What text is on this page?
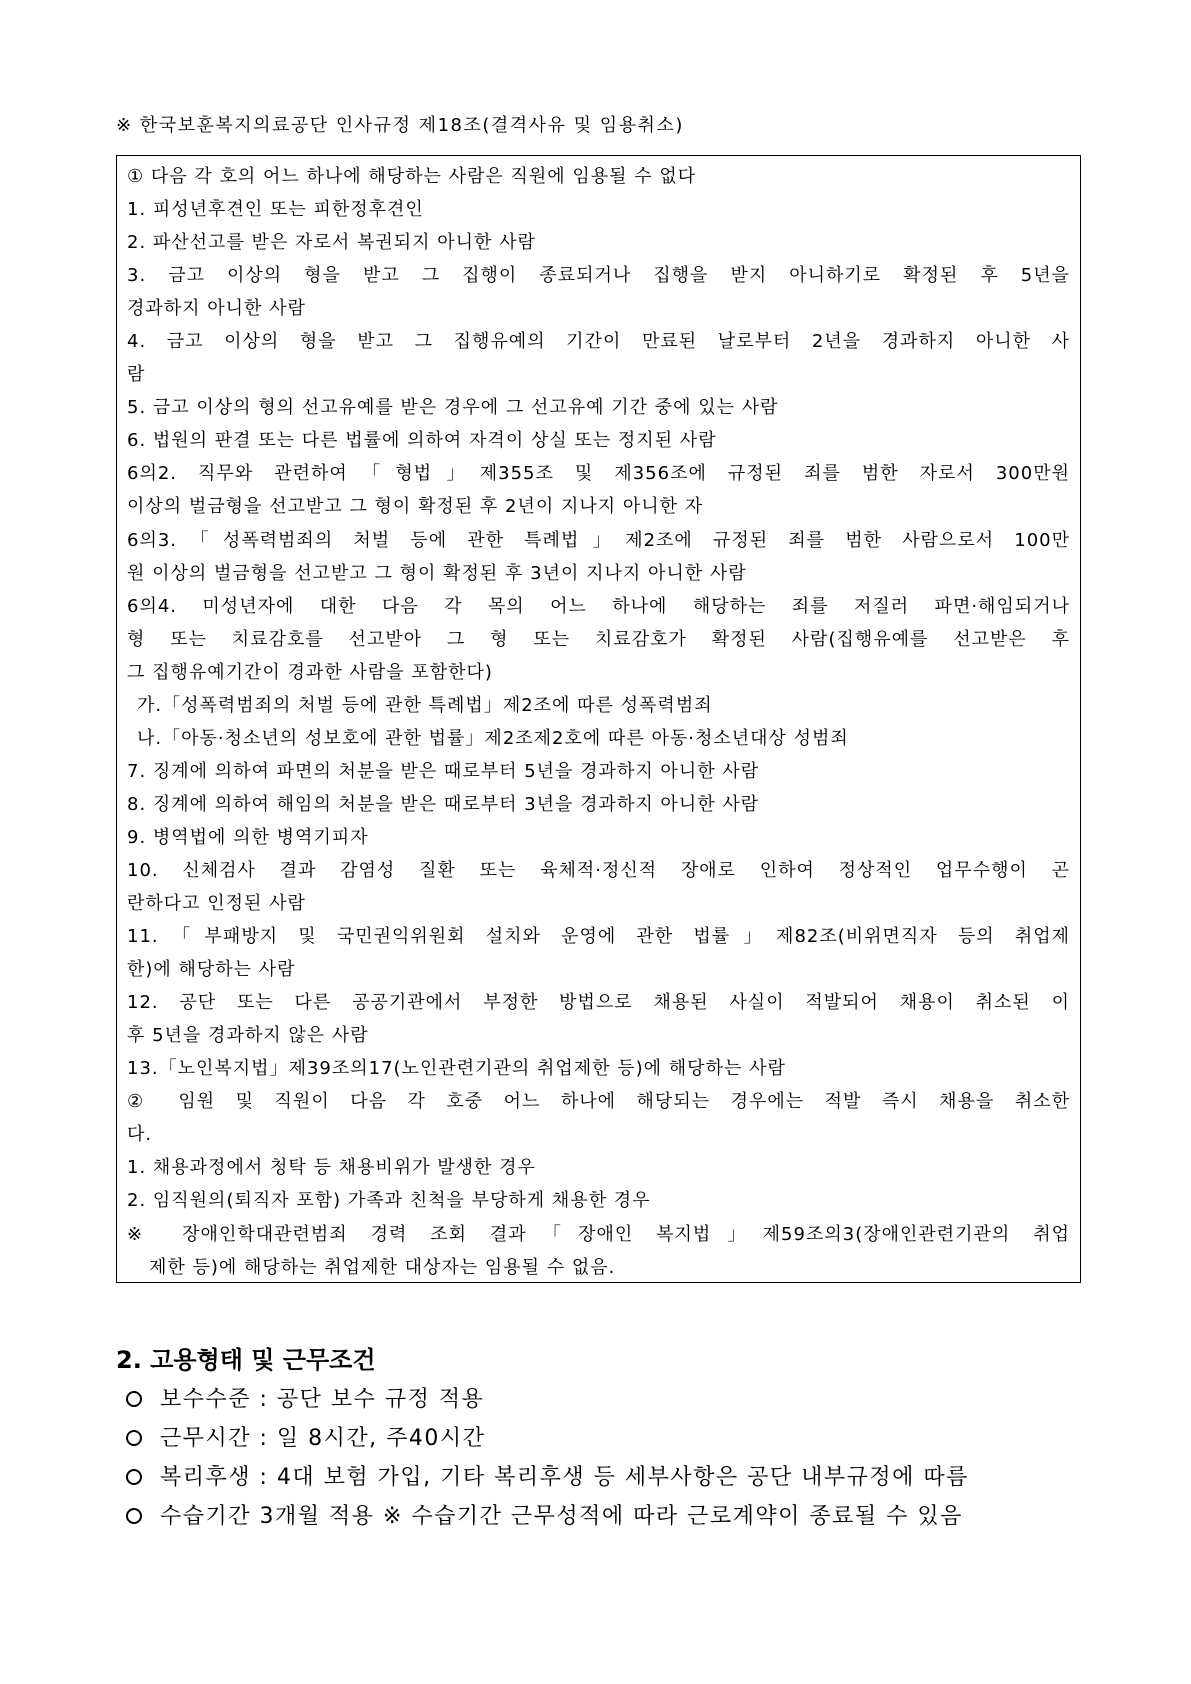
※ 한국보훈복지의료공단 인사규정 제18조(결격사유 및 임용취소)
① 다음 각 호의 어느 하나에 해당하는 사람은 직원에 임용될 수 없다
1. 피성년후견인 또는 피한정후견인
2. 파산선고를 받은 자로서 복권되지 아니한 사람
3. 금고 이상의 형을 받고 그 집행이 종료되거나 집행을 받지 아니하기로 확정된 후 5년을
경과하지 아니한 사람
4. 금고 이상의 형을 받고 그 집행유예의 기간이 만료된 날로부터 2년을 경과하지 아니한 사
람
5. 금고 이상의 형의 선고유예를 받은 경우에 그 선고유예 기간 중에 있는 사람
6. 법원의 판결 또는 다른 법률에 의하여 자격이 상실 또는 정지된 사람
6의2. 직무와 관련하여「형법」제355조 및 제356조에 규정된 죄를 범한 자로서 300만원
이상의 벌금형을 선고받고 그 형이 확정된 후 2년이 지나지 아니한 자
6의3.「성폭력범죄의 처벌 등에 관한 특례법」제2조에 규정된 죄를 범한 사람으로서 100만
원 이상의 벌금형을 선고받고 그 형이 확정된 후 3년이 지나지 아니한 사람
6의4. 미성년자에 대한 다음 각 목의 어느 하나에 해당하는 죄를 저질러 파면·해임되거나
형 또는 치료감호를 선고받아 그 형 또는 치료감호가 확정된 사람(집행유예를 선고받은 후
그 집행유예기간이 경과한 사람을 포함한다)
가.「성폭력범죄의 처벌 등에 관한 특례법」제2조에 따른 성폭력범죄
나.「아동·청소년의 성보호에 관한 법률」제2조제2호에 따른 아동·청소년대상 성범죄
7. 징계에 의하여 파면의 처분을 받은 때로부터 5년을 경과하지 아니한 사람
8. 징계에 의하여 해임의 처분을 받은 때로부터 3년을 경과하지 아니한 사람
9. 병역법에 의한 병역기피자
10. 신체검사 결과 감염성 질환 또는 육체적·정신적 장애로 인하여 정상적인 업무수행이 곤
란하다고 인정된 사람
11.「부패방지 및 국민권익위원회 설치와 운영에 관한 법률」제82조(비위면직자 등의 취업제
한)에 해당하는 사람
12. 공단 또는 다른 공공기관에서 부정한 방법으로 채용된 사실이 적발되어 채용이 취소된 이
후 5년을 경과하지 않은 사람
13.「노인복지법」제39조의17(노인관련기관의 취업제한 등)에 해당하는 사람
② 임원 및 직원이 다음 각 호중 어느 하나에 해당되는 경우에는 적발 즉시 채용을 취소한
다.
1. 채용과정에서 청탁 등 채용비위가 발생한 경우
2. 임직원의(퇴직자 포함) 가족과 친척을 부당하게 채용한 경우
※ 장애인학대관련범죄 경력 조회 결과「장애인 복지법」제59조의3(장애인관련기관의 취업
제한 등)에 해당하는 취업제한 대상자는 임용될 수 없음.
2. 고용형태 및 근무조건
보수수준 : 공단 보수 규정 적용
근무시간 : 일 8시간, 주40시간
복리후생 : 4대 보험 가입, 기타 복리후생 등 세부사항은 공단 내부규정에 따름
수습기간 3개월 적용 ※ 수습기간 근무성적에 따라 근로계약이 종료될 수 있음
